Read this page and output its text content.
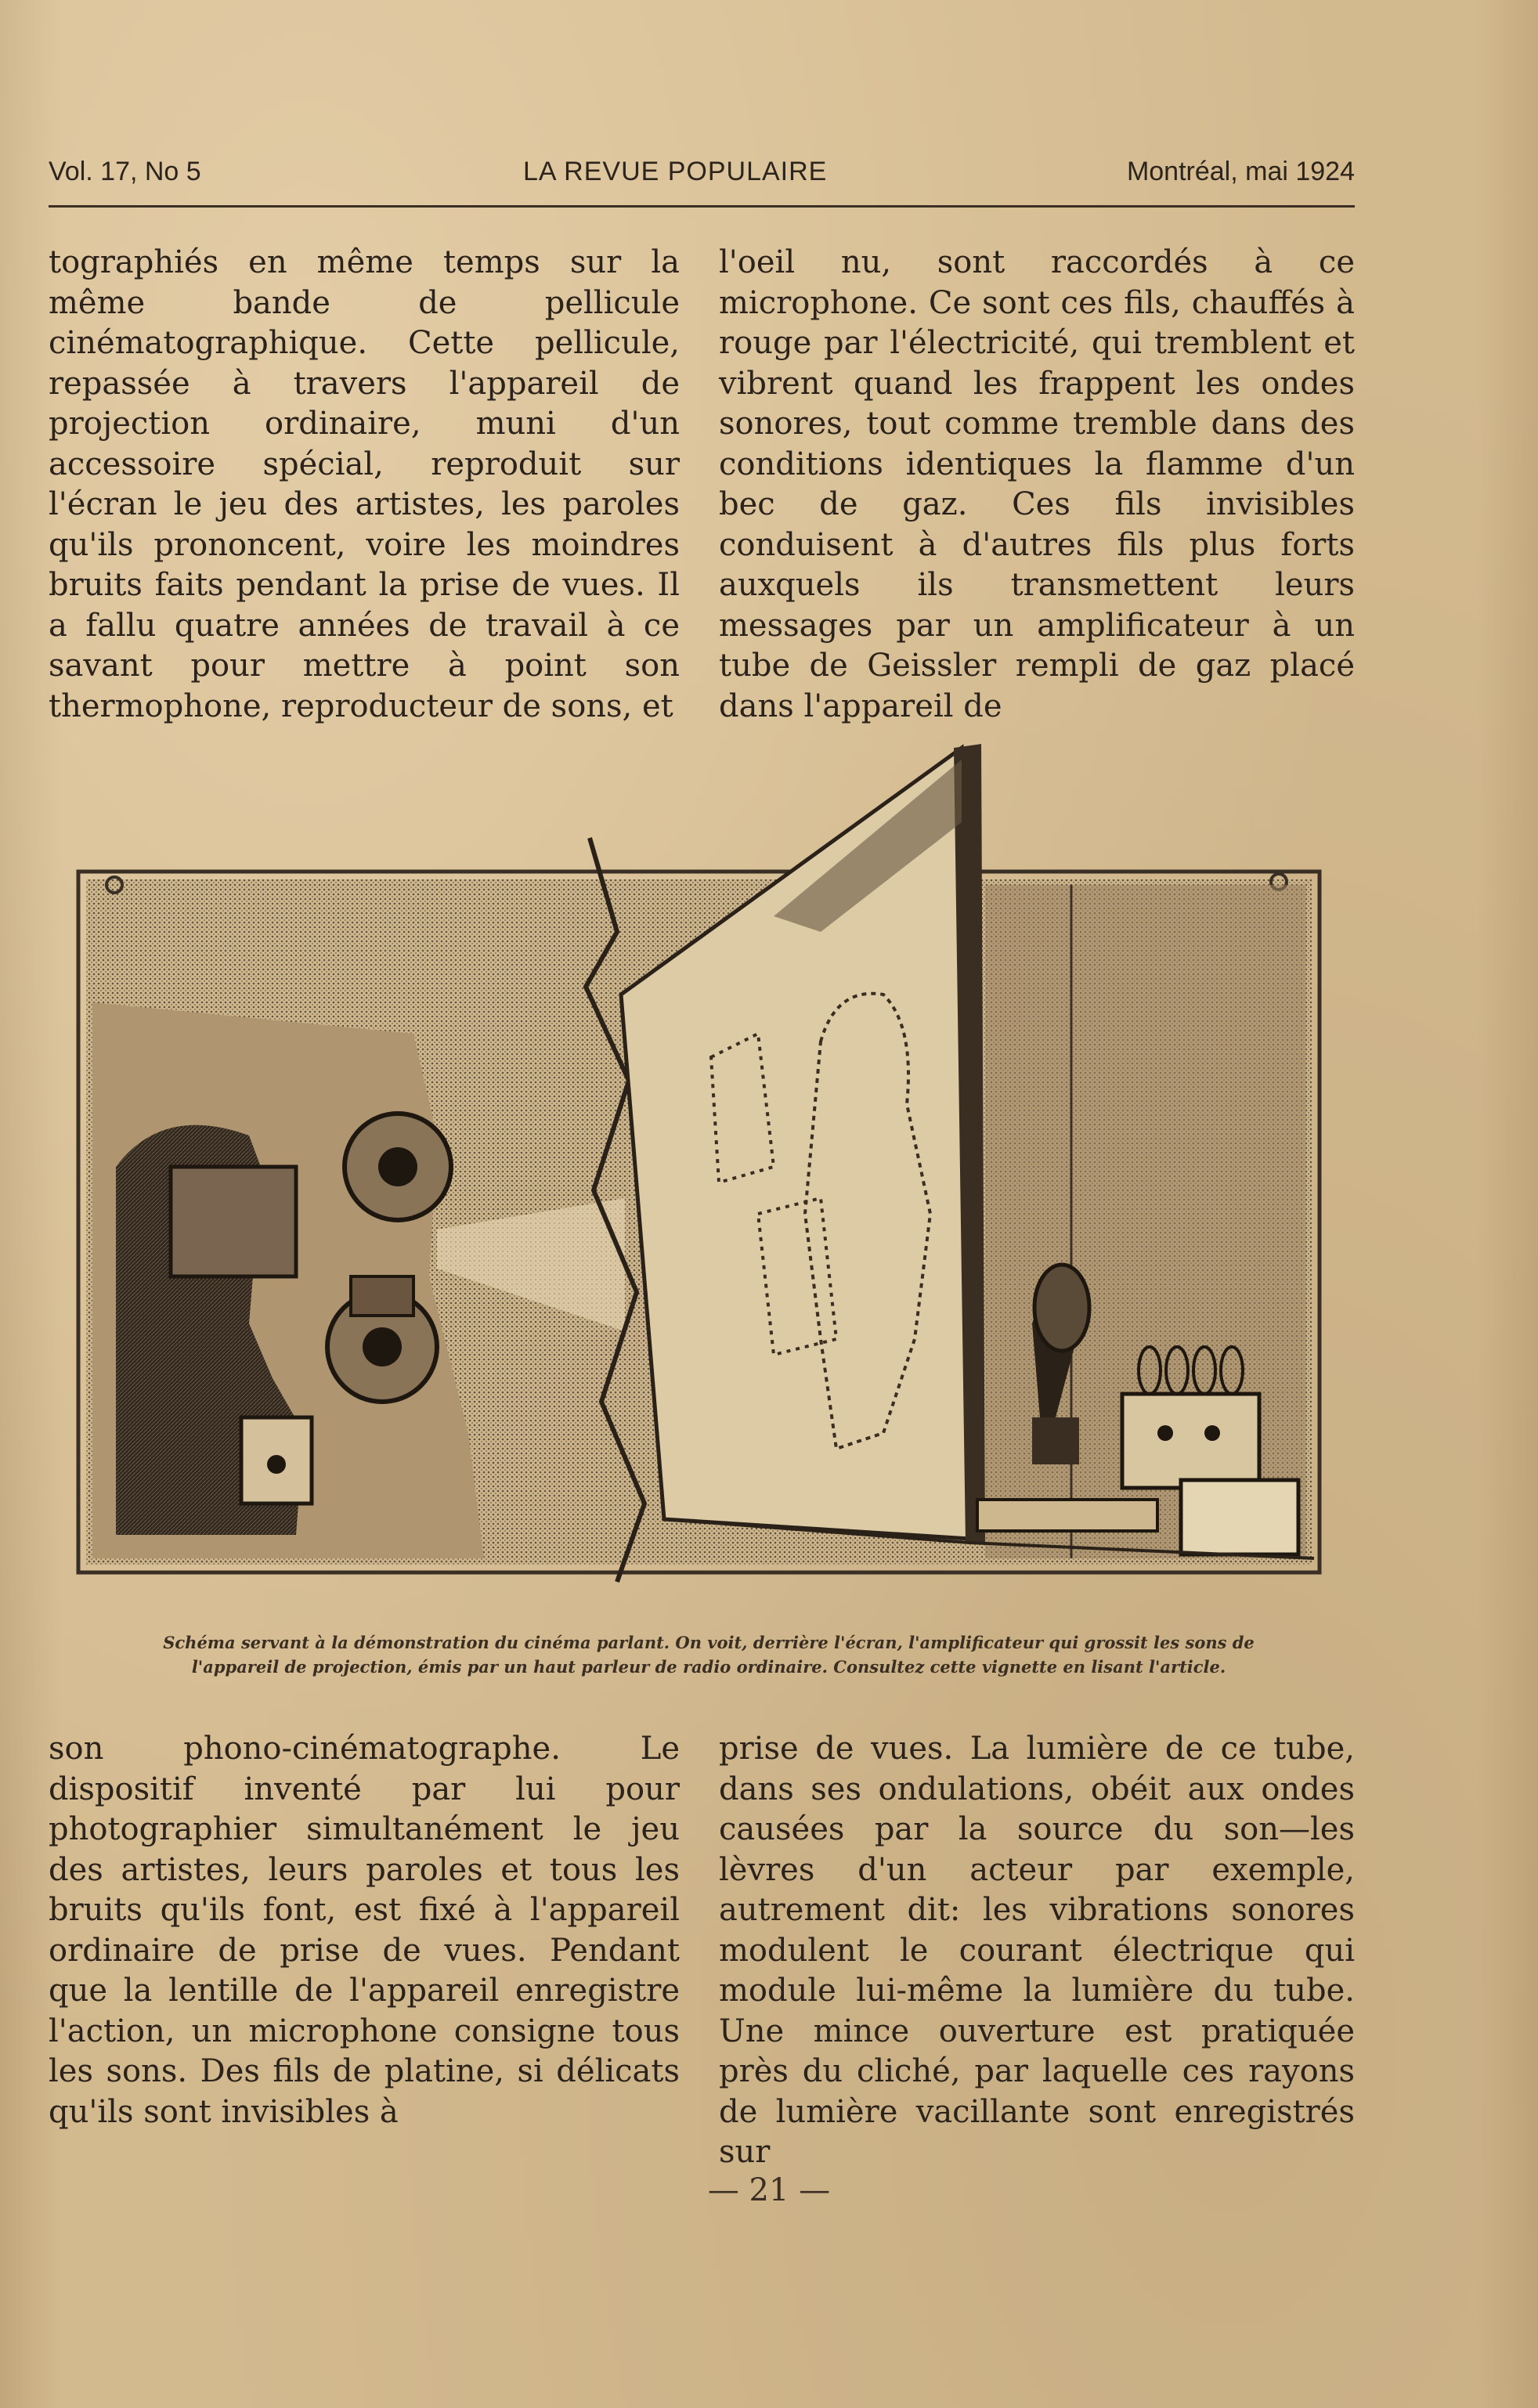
Vol. 17, No 5	LA REVUE POPULAIRE	Montréal, mai 1924

tographiés en même temps sur la même bande de pellicule cinématographique. Cette pellicule, repassée à travers l'appareil de projection ordinaire, muni d'un accessoire spécial, reproduit sur l'écran le jeu des artistes, les paroles qu'ils prononcent, voire les moindres bruits faits pendant la prise de vues. Il a fallu quatre années de travail à ce savant pour mettre à point son thermophone, reproducteur de sons, et

l'oeil nu, sont raccordés à ce microphone. Ce sont ces fils, chauffés à rouge par l'électricité, qui tremblent et vibrent quand les frappent les ondes sonores, tout comme tremble dans des conditions identiques la flamme d'un bec de gaz. Ces fils invisibles conduisent à d'autres fils plus forts auxquels ils transmettent leurs messages par un amplificateur à un tube de Geissler rempli de gaz placé dans l'appareil de

Schéma servant à la démonstration du cinéma parlant. On voit, derrière l'écran, l'amplificateur qui grossit les sons de
l'appareil de projection, émis par un haut parleur de radio ordinaire. Consultez cette vignette en lisant l'article.

son phono-cinématographe. Le dispositif inventé par lui pour photographier simultanément le jeu des artistes, leurs paroles et tous les bruits qu'ils font, est fixé à l'appareil ordinaire de prise de vues. Pendant que la lentille de l'appareil enregistre l'action, un microphone consigne tous les sons. Des fils de platine, si délicats qu'ils sont invisibles à

prise de vues. La lumière de ce tube, dans ses ondulations, obéit aux ondes causées par la source du son—les lèvres d'un acteur par exemple, autrement dit: les vibrations sonores modulent le courant électrique qui module lui-même la lumière du tube. Une mince ouverture est pratiquée près du cliché, par laquelle ces rayons de lumière vacillante sont enregistrés sur

— 21 —
